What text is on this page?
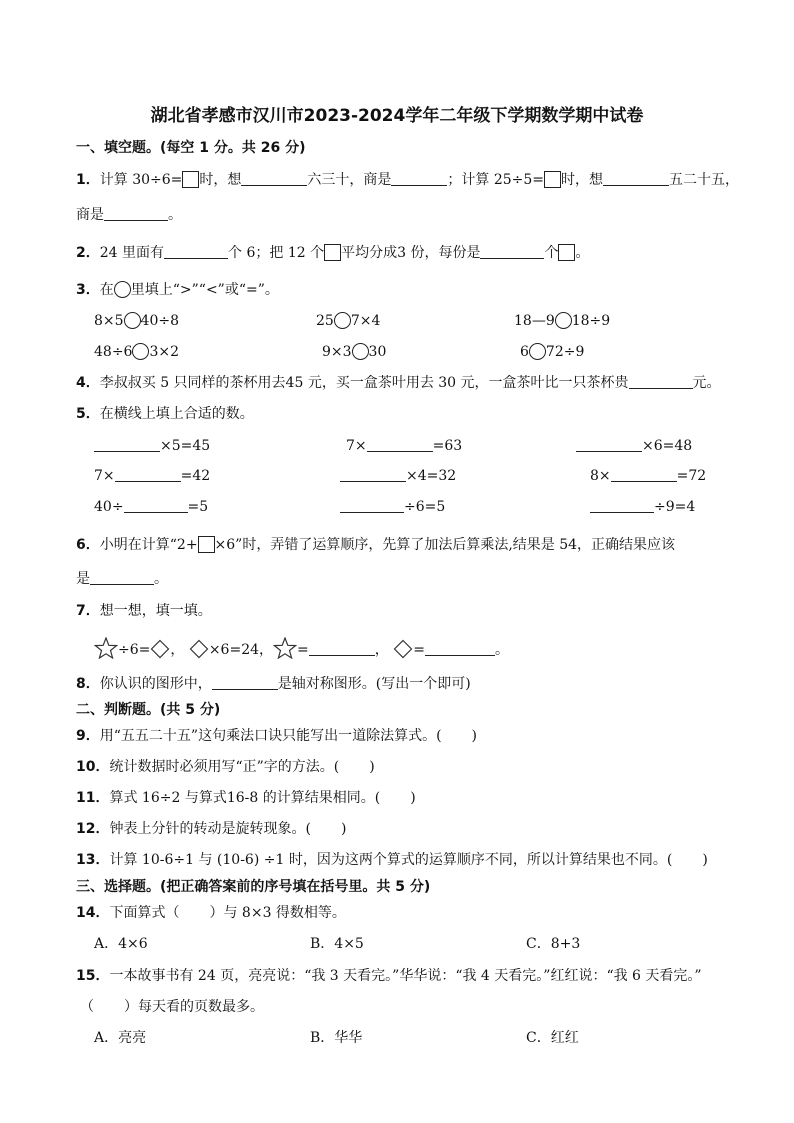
湖北省孝感市汉川市2023-2024学年二年级下学期数学期中试卷
一、填空题。(每空 1 分。共 26 分)
1．计算 30÷6= 时，想	六三十，商是	；计算 25÷5= 时，想	五二十五，
商是	。
2．24 里面有	个 6；把 12 个 平均分成3 份，每份是	个 。
3．在 里填上“>”“<”或“=”。
8×5 40÷8	25 7×4	18—9 18÷9
48÷6 3×2	9×3 30	6 72÷9
4．李叔叔买 5 只同样的茶杯用去45 元，买一盒茶叶用去 30 元，一盒茶叶比一只茶杯贵	元。
5．在横线上填上合适的数。
×5=45	7×	=63	×6=48
7×	=42	×4=32	8×	=72
40÷	=5	÷6=5	÷9=4
6．小明在计算“2+ ×6”时，弄错了运算顺序，先算了加法后算乘法,结果是 54，正确结果应该
是	。
7．想一想，填一填。
÷6= ， ×6=24， =	， =	。
8．你认识的图形中，	是轴对称图形。(写出一个即可)
二、判断题。(共 5 分)
9．用“五五二十五”这句乘法口诀只能写出一道除法算式。( )
10．统计数据时必须用写“正”字的方法。( )
11．算式 16÷2 与算式16-8 的计算结果相同。( )
12．钟表上分针的转动是旋转现象。( )
13．计算 10-6÷1 与 (10-6) ÷1 时，因为这两个算式的运算顺序不同，所以计算结果也不同。( )
三、选择题。(把正确答案前的序号填在括号里。共 5 分)
14．下面算式（ ）与 8×3 得数相等。
A．4×6	B．4×5	C．8+3
15．一本故事书有 24 页，亮亮说：“我 3 天看完。”华华说：“我 4 天看完。”红红说：“我 6 天看完。”
（ ）每天看的页数最多。
A．亮亮	B．华华	C．红红
